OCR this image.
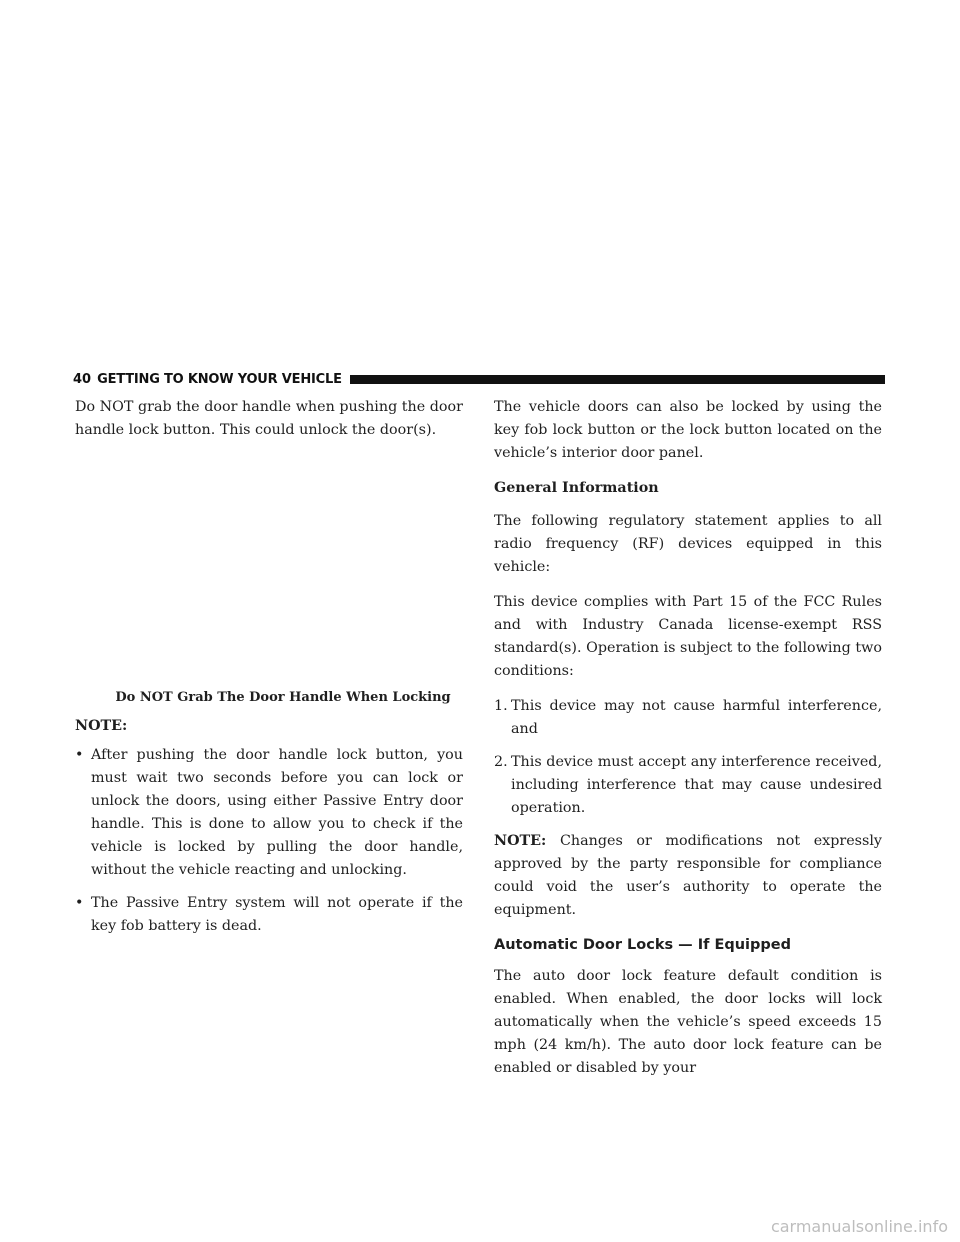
40 GETTING TO KNOW YOUR VEHICLE

Do NOT grab the door handle when pushing the door handle lock button. This could unlock the door(s).

Do NOT Grab The Door Handle When Locking
NOTE:
• After pushing the door handle lock button, you must wait two seconds before you can lock or unlock the doors, using either Passive Entry door handle. This is done to allow you to check if the vehicle is locked by pulling the door handle, without the vehicle reacting and unlocking.
• The Passive Entry system will not operate if the key fob battery is dead.

The vehicle doors can also be locked by using the key fob lock button or the lock button located on the vehicle’s interior door panel.

General Information

The following regulatory statement applies to all radio frequency (RF) devices equipped in this vehicle:

This device complies with Part 15 of the FCC Rules and with Industry Canada license-exempt RSS standard(s). Operation is subject to the following two conditions:

1. This device may not cause harmful interference, and
2. This device must accept any interference received, including interference that may cause undesired operation.

NOTE: Changes or modifications not expressly approved by the party responsible for compliance could void the user’s authority to operate the equipment.

Automatic Door Locks — If Equipped

The auto door lock feature default condition is enabled. When enabled, the door locks will lock automatically when the vehicle’s speed exceeds 15 mph (24 km/h). The auto door lock feature can be enabled or disabled by your

carmanualsonline.info
